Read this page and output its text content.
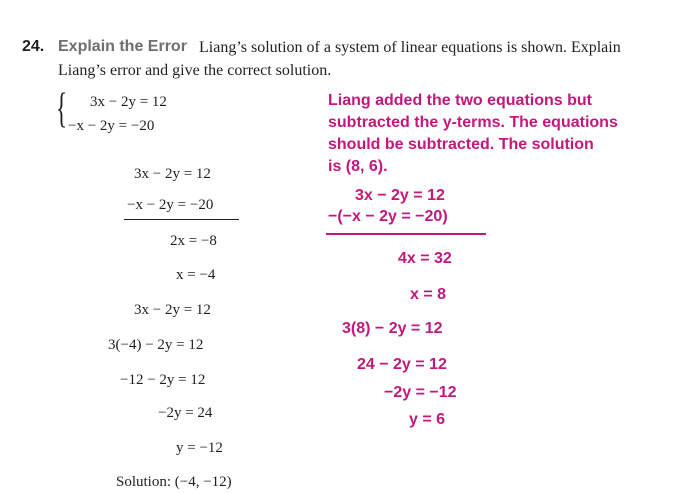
24. Explain the Error Liang’s solution of a system of linear equations is shown. Explain
Liang’s error and give the correct solution.
{ 3x − 2y = 12
−x − 2y = −20
3x − 2y = 12
−x − 2y = −20
2x = −8
x = −4
3x − 2y = 12
3(−4) − 2y = 12
−12 − 2y = 12
−2y = 24
y = −12
Solution: (−4, −12)
Liang added the two equations but
subtracted the y-terms. The equations
should be subtracted. The solution
is (8, 6).
3x − 2y = 12
−(−x − 2y = −20)
4x = 32
x = 8
3(8) − 2y = 12
24 − 2y = 12
−2y = −12
y = 6
